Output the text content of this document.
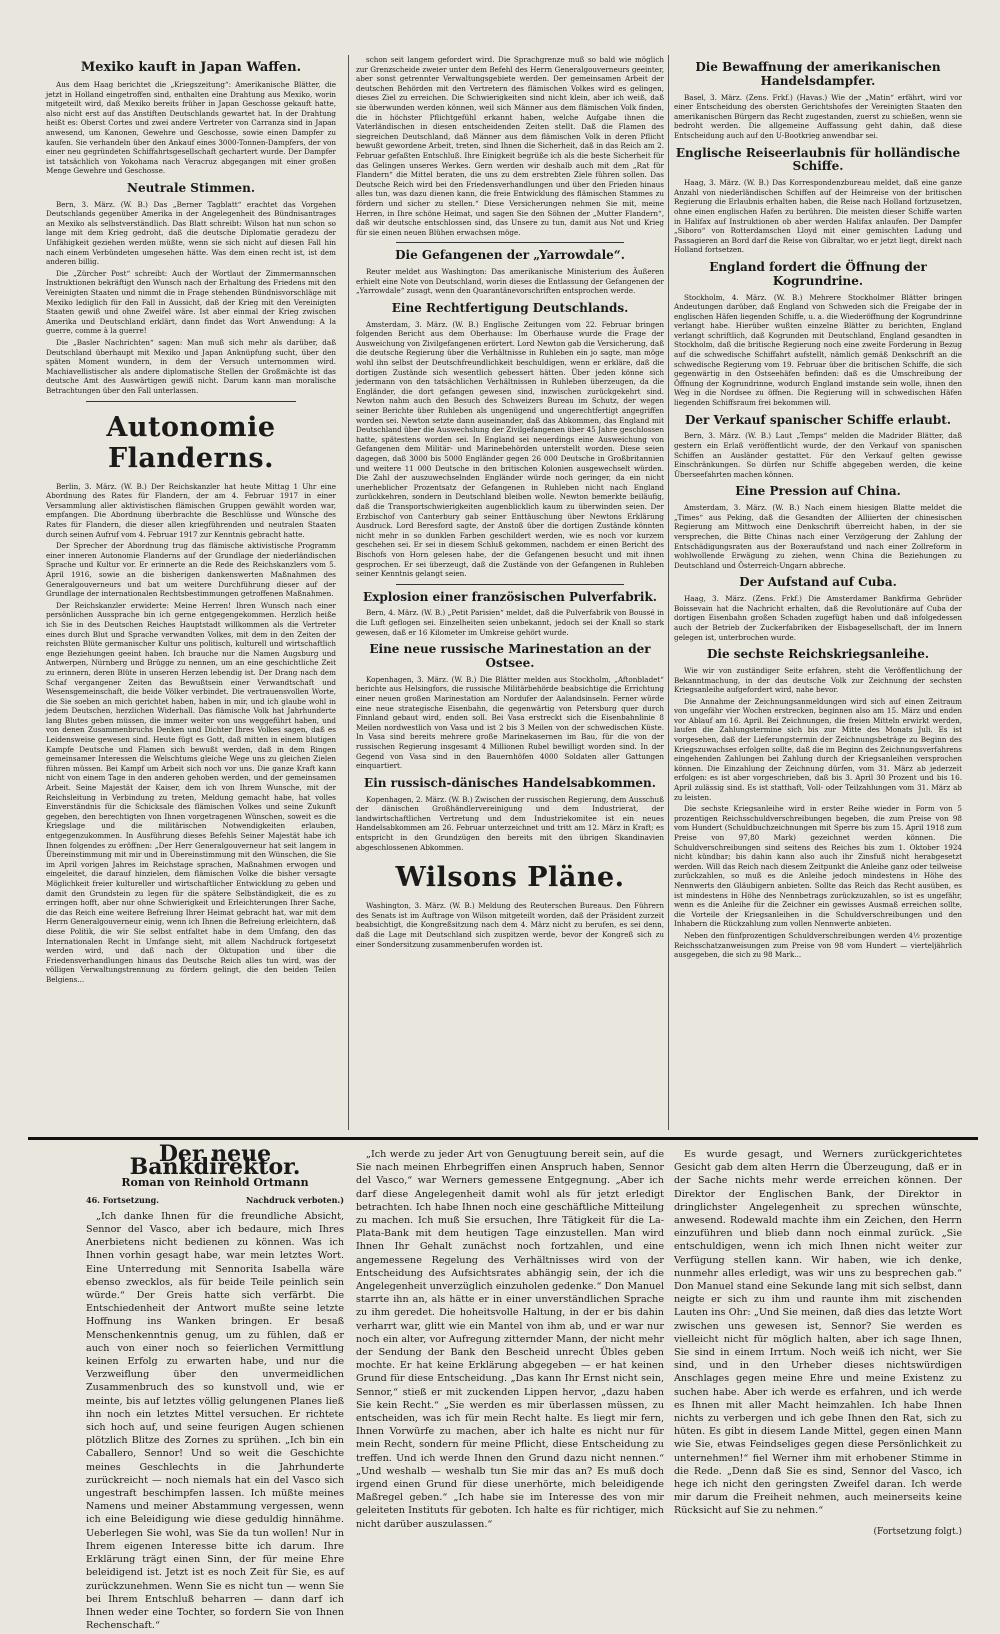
Mexiko kauft in Japan Waffen.
Aus dem Haag berichtet die „Kriegszeitung“: Amerikanische Blätter, die jetzt in Holland eingetroffen sind, enthalten eine Drahtung aus Mexiko, worin mitgeteilt wird, daß Mexiko bereits früher in Japan Geschosse gekauft hatte, also nicht erst auf das Anstiften Deutschlands gewartet hat. In der Drahtung heißt es: Oberst Cortes und zwei andere Vertreter von Carranza sind in Japan anwesend, um Kanonen, Gewehre und Geschosse, sowie einen Dampfer zu kaufen. Sie verhandeln über den Ankauf eines 3000-Tonnen-Dampfers, der von einer neu gegründeten Schiffahrtsgesellschaft gechartert wurde. Der Dampfer ist tatsächlich von Yokohama nach Veracruz abgegangen mit einer großen Menge Gewehre und Geschosse.
Neutrale Stimmen.
Bern, 3. März. (W. B.) Das „Berner Tagblatt“ erachtet das Vorgehen Deutschlands gegenüber Amerika in der Angelegenheit des Bündnisantrages an Mexiko als selbstverständlich. Das Blatt schreibt: Wilson hat nun schon so lange mit dem Krieg gedroht, daß die deutsche Diplomatie geradezu der Unfähigkeit geziehen werden müßte, wenn sie sich nicht auf diesen Fall hin nach einem Verbündeten umgesehen hätte. Was dem einen recht ist, ist dem anderen billig.
Die „Zürcher Post“ schreibt: Auch der Wortlaut der Zimmermannschen Instruktionen bekräftigt den Wunsch nach der Erhaltung des Friedens mit den Vereinigten Staaten und nimmt die in Frage stehenden Bündnisvorschläge mit Mexiko lediglich für den Fall in Aussicht, daß der Krieg mit den Vereinigten Staaten gewiß und ohne Zweifel wäre. Ist aber einmal der Krieg zwischen Amerika und Deutschland erklärt, dann findet das Wort Anwendung: A la guerre, comme à la guerre!
Die „Basler Nachrichten“ sagen: Man muß sich mehr als darüber, daß Deutschland überhaupt mit Mexiko und Japan Anknüpfung sucht, über den späten Moment wundern, in dem der Versuch unternommen wird. Machiavellistischer als andere diplomatische Stellen der Großmächte ist das deutsche Amt des Auswärtigen gewiß nicht. Darum kann man moralische Betrachtungen über den Fall unterlassen.
Autonomie Flanderns.
Berlin, 3. März. (W. B.) Der Reichskanzler hat heute Mittag 1 Uhr eine Abordnung des Rates für Flandern, der am 4. Februar 1917 in einer Versammlung aller aktivistischen flämischen Gruppen gewählt worden war, empfangen. Die Abordnung überbrachte die Beschlüsse und Wünsche des Rates für Flandern, die dieser allen kriegführenden und neutralen Staaten durch seinen Aufruf vom 4. Februar 1917 zur Kenntnis gebracht hatte.
Der Sprecher der Abordnung trug das flämische aktivistische Programm einer inneren Autonomie Flanderns auf der Grundlage der niederländischen Sprache und Kultur vor. Er erinnerte an die Rede des Reichskanzlers vom 5. April 1916, sowie an die bisherigen dankenswerten Maßnahmen des Generalgouverneurs und bat um weitere Durchführung dieser auf der Grundlage der internationalen Rechtsbestimmungen getroffenen Maßnahmen.
Der Reichskanzler erwiderte: Meine Herren! Ihren Wunsch nach einer persönlichen Aussprache bin ich gerne entgegengekommen. Herzlich heiße ich Sie in des Deutschen Reiches Hauptstadt willkommen als die Vertreter eines durch Blut und Sprache verwandten Volkes, mit dem in den Zeiten der reichsten Blüte germanischer Kultur uns politisch, kulturell und wirtschaftlich enge Beziehungen geeint haben. Ich brauche nur die Namen Augsburg und Antwerpen, Nürnberg und Brügge zu nennen, um an eine geschichtliche Zeit zu erinnern, deren Blüte in unseren Herzen lebendig ist. Der Drang nach dem Schaf vergangener Zeiten das Bewußtsein einer Verwandtschaft und Wesensgemeinschaft, die beide Völker verbindet. Die vertrauensvollen Worte, die Sie soeben an mich gerichtet haben, haben in mir, und ich glaube wohl in jedem Deutschen, herzlichen Widerhall. Das flämische Volk hat Jahrhunderte lang Blutes geben müssen, die immer weiter von uns weggeführt haben, und von denen Zusammenbruchs Denken und Dichter Ihres Volkes sagen, daß es Leidensweise gewesen sind. Heute fügt es Gott, daß mitten in einem blutigen Kampfe Deutsche und Flamen sich bewußt werden, daß in dem Ringen gemeinsamer Interessen die Welschtums gleiche Wege uns zu gleichen Zielen führen müssen. Bei Kampf um Arbeit sich noch vor uns. Die ganze Kraft kann nicht von einem Tage in den anderen gehoben werden, und der gemeinsamen Arbeit. Seine Majestät der Kaiser, dem ich von Ihrem Wunsche, mit der Reichsleitung in Verbindung zu treten, Meldung gemacht habe, hat volles Einverständnis für die Schicksale des flämischen Volkes und seine Zukunft gegeben, den berechtigten von Ihnen vorgetragenen Wünschen, soweit es die Kriegslage und die militärischen Notwendigkeiten erlauben, entgegenzukommen. In Ausführung dieses Befehls Seiner Majestät habe ich Ihnen folgendes zu eröffnen: „Der Herr Generalgouverneur hat seit langem in Übereinstimmung mit mir und in Übereinstimmung mit den Wünschen, die Sie im April vorigen Jahres im Reichstage sprachen, Maßnahmen erwogen und eingeleitet, die darauf hinzielen, dem flämischen Volke die bisher versagte Möglichkeit freier kultureller und wirtschaftlicher Entwicklung zu geben und damit den Grundstein zu legen für die spätere Selbständigkeit, die es zu erringen hofft, aber nur ohne Schwierigkeit und Erleichterungen Ihrer Sache, die das Reich eine weitere Befreiung Ihrer Heimat gebracht hat, war mit dem Herrn Generalgouverneur einig, wenn ich Ihnen die Befreiung erleichtern, daß diese Politik, die wir Sie selbst entfaltet habe in dem Umfang, den das Internationalen Recht in Umfange sieht, mit allem Nachdruck fortgesetzt werden wird, und daß nach der Oktupation und über die Friedensverhandlungen hinaus das Deutsche Reich alles tun wird, was der völligen Verwaltungstrennung zu fördern gelingt, die den beiden Teilen Belgiens...
schon seit langem gefordert wird. Die Sprachgrenze muß so bald wie möglich zur Grenzscheide zweier unter dem Befehl des Herrn Generalgouverneurs geeinter, aber sonst getrennter Verwaltungsgebiete werden. Der gemeinsamen Arbeit der deutschen Behörden mit den Vertretern des flämischen Volkes wird es gelingen, dieses Ziel zu erreichen. Die Schwierigkeiten sind nicht klein, aber ich weiß, daß sie überwunden werden können, weil sich Männer aus dem flämischen Volk finden, die in höchster Pflichtgefühl erkannt haben, welche Aufgabe ihnen die Vaterländischen in diesen entscheidenden Zeiten stellt. Daß die Flamen des siegreichen Deutschland, daß Männer aus dem flämischen Volk in deren Pflicht bewußt gewordene Arbeit, treten, sind Ihnen die Sicherheit, daß in das Reich am 2. Februar gefaßten Entschluß. Ihre Einigkeit begrüße ich als die beste Sicherheit für das Gelingen unseres Werkes. Gern werden wir deshalb auch mit dem „Rat für Flandern“ die Mittel beraten, die uns zu dem erstrebten Ziele führen sollen. Das Deutsche Reich wird bei den Friedensverhandlungen und über den Frieden hinaus alles tun, was dazu dienen kann, die freie Entwicklung des flämischen Stammes zu fördern und sicher zu stellen.“ Diese Versicherungen nehmen Sie mit, meine Herren, in Ihre schöne Heimat, und sagen Sie den Söhnen der „Mutter Flandern“, daß wir deutsche entschlossen sind, das Unsere zu tun, damit aus Not und Krieg für sie einen neuen Blühen erwachsen möge.
Die Gefangenen der „Yarrowdale“.
Reuter meldet aus Washington: Das amerikanische Ministerium des Äußeren erhielt eine Note von Deutschland, worin dieses die Entlassung der Gefangenen der „Yarrowdale“ zusagt, wenn den Quarantänevorschriften entsprochen werde.
Eine Rechtfertigung Deutschlands.
Amsterdam, 3. März. (W. B.) Englische Zeitungen vom 22. Februar bringen folgenden Bericht aus dem Oberhause: Im Oberhause wurde die Frage der Ausweichung von Zivilgefangenen erörtert. Lord Newton gab die Versicherung, daß die deutsche Regierung über die Verhältnisse in Ruhleben ein jo sagte, man möge wohl ihn selbst der Deutschfreundlichkeit beschuldigen, wenn er erkläre, daß die dortigen Zustände sich wesentlich gebessert hätten. Über jeden könne sich jedermann von den tatsächlichen Verhältnissen in Ruhleben überzeugen, da die Engländer, die dort gefangen gewesen sind, inzwischen zurückgekehrt sind. Newton nahm auch den Besuch des Schweizers Bureau im Schutz, der wegen seiner Berichte über Ruhleben als ungenügend und ungerechtfertigt angegriffen worden sei. Newton setzte dann auseinander, daß das Abkommen, das England mit Deutschland über die Auswechslung der Zivilgefangenen über 45 Jahre geschlossen hatte, spätestens worden sei. In England sei neuerdings eine Ausweichung von Gefangenen dem Militär- und Marinebehörden unterstellt worden. Diese seien dagegen, daß 3000 bis 5000 Engländer gegen 26 000 Deutsche in Großbritannien und weitere 11 000 Deutsche in den britischen Kolonien ausgewechselt würden. Die Zahl der auszuwechselnden Engländer würde noch geringer, da ein nicht unerheblicher Prozentsatz der Gefangenen in Ruhleben nicht nach England zurückkehren, sondern in Deutschland bleiben wolle. Newton bemerkte beiläufig, daß die Transportschwierigkeiten augenblicklich kaum zu überwinden seien. Der Erzbischof von Canterbury gab seiner Enttäuschung über Newtons Erklärung Ausdruck. Lord Beresford sagte, der Anstoß über die dortigen Zustände könnten nicht mehr in so dunklen Farben geschildert werden, wie es noch vor kurzem geschehen sei. Er sei in diesem Schluß gekommen, nachdem er einen Bericht des Bischofs von Horn gelesen habe, der die Gefangenen besucht und mit ihnen gesprochen. Er sei überzeugt, daß die Zustände von der Gefangenen in Ruhleben seiner Kenntnis gelangt seien.
Explosion einer französischen Pulverfabrik.
Bern, 4. März. (W. B.) „Petit Parisien“ meldet, daß die Pulverfabrik von Boussé in die Luft geflogen sei. Einzelheiten seien unbekannt, jedoch sei der Knall so stark gewesen, daß er 16 Kilometer im Umkreise gehört wurde.
Eine neue russische Marinestation an der Ostsee.
Kopenhagen, 3. März. (W. B.) Die Blätter melden aus Stockholm, „Aftonbladet“ berichte aus Helsingfors, die russische Militärbehörde beabsichtige die Errichtung einer neuen großen Marinestation am Nordufer der Aalandsinseln. Ferner würde eine neue strategische Eisenbahn, die gegenwärtig von Petersburg quer durch Finnland gebaut wird, enden soll. Bei Vasa erstreckt sich die Eisenbahnlinie 8 Meilen nordwestlich von Vasa und ist 2 bis 3 Meilen von der schwedischen Küste. In Vasa sind bereits mehrere große Marinekasernen im Bau, für die von der russischen Regierung insgesamt 4 Millionen Rubel bewilligt worden sind. In der Gegend von Vasa sind in den Bauernhöfen 4000 Soldaten aller Gattungen einquartiert.
Ein russisch-dänisches Handelsabkommen.
Kopenhagen, 2. März. (W. B.) Zwischen der russischen Regierung, dem Ausschuß der dänischen Großhändlervereinigung und dem Industrierat, der landwirtschaftlichen Vertretung und dem Industriekomitee ist ein neues Handelsabkommen am 26. Februar unterzeichnet und tritt am 12. März in Kraft; es entspricht in den Grundzügen den bereits mit den übrigen Skandinavien abgeschlossenen Abkommen.
Wilsons Pläne.
Washington, 3. März. (W. B.) Meldung des Reuterschen Bureaus. Den Führern des Senats ist im Auftrage von Wilson mitgeteilt worden, daß der Präsident zurzeit beabsichtigt, die Kongreßsitzung nach dem 4. März nicht zu berufen, es sei denn, daß die Lage mit Deutschland sich zuspitzen werde, bevor der Kongreß sich zu einer Sondersitzung zusammenberufen worden ist.
Die Bewaffnung der amerikanischen Handelsdampfer.
Basel, 3. März. (Zens. Frkf.) (Havas.) Wie der „Matin“ erfährt, wird vor einer Entscheidung des obersten Gerichtshofes der Vereinigten Staaten den amerikanischen Bürgern das Recht zugestanden, zuerst zu schießen, wenn sie bedroht werden. Die allgemeine Auffassung geht dahin, daß diese Entscheidung auch auf den U-Bootkrieg anwendbar sei.
Englische Reiseerlaubnis für holländische Schiffe.
Haag, 3. März. (W. B.) Das Korrespondenzbureau meldet, daß eine ganze Anzahl von niederländischen Schiffen auf der Heimreise von der britischen Regierung die Erlaubnis erhalten haben, die Reise nach Holland fortzusetzen, ohne einen englischen Hafen zu berühren. Die meisten dieser Schiffe warten in Halifax auf Instruktionen ob aber werden Halifax anlaufen. Der Dampfer „Siboro“ von Rotterdamschen Lloyd mit einer gemischten Ladung und Passagieren an Bord darf die Reise von Gibraltar, wo er jetzt liegt, direkt nach Holland fortsetzen.
England fordert die Öffnung der Kogrundrine.
Stockholm, 4. März. (W. B.) Mehrere Stockholmer Blätter bringen Andeutungen darüber, daß England von Schweden sich die Freigabe der in englischen Häfen liegenden Schiffe, u. a. die Wiederöffnung der Kogrundrinne verlangt habe. Hierüber wußten einzelne Blätter zu berichten, England verlangt schriftlich, daß Kogrunden mit Deutschland, England gesandten in Stockholm, daß die britische Regierung noch eine zweite Forderung in Bezug auf die schwedische Schiffahrt aufstellt, nämlich gemäß Denkschrift an die schwedische Regierung vom 19. Februar über die britischen Schiffe, die sich gegenwärtig in den Ostseehäfen befinden: daß es die Umschreibung der Öffnung der Kogrundrinne, wodurch England imstande sein wolle, ihnen den Weg in die Nordsee zu öffnen. Die Regierung will in schwedischen Häfen liegenden Schiffsraum frei bekommen will.
Der Verkauf spanischer Schiffe erlaubt.
Bern, 3. März. (W. B.) Laut „Temps“ melden die Madrider Blätter, daß gestern ein Erlaß veröffentlicht wurde, der den Verkauf von spanischen Schiffen an Ausländer gestattet. Für den Verkauf gelten gewisse Einschränkungen. So dürfen nur Schiffe abgegeben werden, die keine Überseefahrten machen können.
Eine Pression auf China.
Amsterdam, 3. März. (W. B.) Nach einem hiesigen Blatte meldet die „Times“ aus Peking, daß die Gesandten der Alliierten der chinesischen Regierung am Mittwoch eine Denkschrift überreicht haben, in der sie versprechen, die Bitte Chinas nach einer Verzögerung der Zahlung der Entschädigungsraten aus der Boxeraufstand und nach einer Zollreform in wohlwollende Erwägung zu ziehen, wenn China die Beziehungen zu Deutschland und Österreich-Ungarn abbreche.
Der Aufstand auf Cuba.
Haag, 3. März. (Zens. Frkf.) Die Amsterdamer Bankfirma Gebrüder Boissevain hat die Nachricht erhalten, daß die Revolutionäre auf Cuba der dortigen Eisenbahn großen Schaden zugefügt haben und daß infolgedessen auch der Betrieb der Zuckerfabriken der Eisbagesellschaft, der im Innern gelegen ist, unterbrochen wurde.
Die sechste Reichskriegsanleihe.
Wie wir von zuständiger Seite erfahren, steht die Veröffentlichung der Bekanntmachung, in der das deutsche Volk zur Zeichnung der sechsten Kriegsanleihe aufgefordert wird, nahe bevor.
Die Annahme der Zeichnungsanmeldungen wird sich auf einen Zeitraum von ungefähr vier Wochen erstrecken, beginnen also am 15. März und enden vor Ablauf am 16. April. Bei Zeichnungen, die freien Mitteln erwirkt werden, laufen die Zahlungstermine sich bis zur Mitte des Monats Juli. Es ist vorgesehen, daß der Lieferungstermin der Zeichnungsbeträge zu Beginn des Kriegszuwachses erfolgen sollte, daß die im Beginn des Zeichnungsverfahrens eingehenden Zahlungen bei Zahlung durch der Kriegsanleihen versprochen können. Die Einzahlung der Zeichnung dürfen, vom 31. März ab jederzeit erfolgen: es ist aber vorgeschrieben, daß bis 3. April 30 Prozent und bis 16. April zulässig sind. Es ist statthaft, Voll- oder Teilzahlungen vom 31. März ab zu leisten.
Die sechste Kriegsanleihe wird in erster Reihe wieder in Form von 5 prozentigen Reichsschuldverschreibungen begeben, die zum Preise von 98 vom Hundert (Schuldbuchzeichnungen mit Sperre bis zum 15. April 1918 zum Preise von 97,80 Mark) gezeichnet werden können. Die Schuldverschreibungen sind seitens des Reiches bis zum 1. Oktober 1924 nicht kündbar; bis dahin kann also auch ihr Zinsfuß nicht herabgesetzt werden. Will das Reich nach diesem Zeitpunkt die Anleihe ganz oder teilweise zurückzahlen, so muß es die Anleihe jedoch mindestens in Höhe des Nennwerts den Gläubigern anbieten. Sollte das Reich das Recht ausüben, es ist mindestens in Höhe des Nennbetrags zurückzuzahlen, so ist es ungefähr, wenn es die Anleihe für die Zeichner ein gewisses Ausmaß erreichen sollte, die Vorteile der Kriegsanleihen in die Schuldverschreibungen und den Inhabern die Rückzahlung zum vollen Nennwerte anbieten.
Neben den fünfprozentigen Schuldverschreibungen werden 4½ prozentige Reichsschatzanweisungen zum Preise von 98 vom Hundert — vierteljährlich ausgegeben, die sich zu 98 Mark...
Der neue Bankdirektor.
Roman von Reinhold Ortmann
46. Fortsetzung.	Nachdruck verboten.)
„Ich danke Ihnen für die freundliche Absicht, Sennor del Vasco, aber ich bedaure, mich Ihres Anerbietens nicht bedienen zu können. Was ich Ihnen vorhin gesagt habe, war mein letztes Wort. Eine Unterredung mit Sennorita Isabella wäre ebenso zwecklos, als für beide Teile peinlich sein würde.“ Der Greis hatte sich verfärbt. Die Entschiedenheit der Antwort mußte seine letzte Hoffnung ins Wanken bringen. Er besaß Menschenkenntnis genug, um zu fühlen, daß er auch von einer noch so feierlichen Vermittlung keinen Erfolg zu erwarten habe, und nur die Verzweiflung über den unvermeidlichen Zusammenbruch des so kunstvoll und, wie er meinte, bis auf letztes völlig gelungenen Planes ließ ihn noch ein letztes Mittel versuchen. Er richtete sich hoch auf, und seine feurigen Augen schienen plötzlich Blitze des Zornes zu sprühen. „Ich bin ein Caballero, Sennor! Und so weit die Geschichte meines Geschlechts in die Jahrhunderte zurückreicht — noch niemals hat ein del Vasco sich ungestraft beschimpfen lassen. Ich müßte meines Namens und meiner Abstammung vergessen, wenn ich eine Beleidigung wie diese geduldig hinnähme. Ueberlegen Sie wohl, was Sie da tun wollen! Nur in Ihrem eigenen Interesse bitte ich darum. Ihre Erklärung trägt einen Sinn, der für meine Ehre beleidigend ist. Jetzt ist es noch Zeit für Sie, es auf zurückzunehmen. Wenn Sie es nicht tun — wenn Sie bei Ihrem Entschluß beharren — dann darf ich Ihnen weder eine Tochter, so fordern Sie von Ihnen Rechenschaft.“
„Ich werde zu jeder Art von Genugtuung bereit sein, auf die Sie nach meinen Ehrbegriffen einen Anspruch haben, Sennor del Vasco,“ war Werners gemessene Entgegnung. „Aber ich darf diese Angelegenheit damit wohl als für jetzt erledigt betrachten. Ich habe Ihnen noch eine geschäftliche Mitteilung zu machen. Ich muß Sie ersuchen, Ihre Tätigkeit für die La-Plata-Bank mit dem heutigen Tage einzustellen. Man wird Ihnen Ihr Gehalt zunächst noch fortzahlen, und eine angemessene Regelung des Verhältnisses wird von der Entscheidung des Aufsichtsrates abhängig sein, der ich die Angelegenheit unverzüglich einzuholen gedenke.“ Don Manuel starrte ihn an, als hätte er in einer unverständlichen Sprache zu ihm geredet. Die hoheitsvolle Haltung, in der er bis dahin verharrt war, glitt wie ein Mantel von ihm ab, und er war nur noch ein alter, vor Aufregung zitternder Mann, der nicht mehr der Sendung der Bank den Bescheid unrecht Übles geben mochte. Er hat keine Erklärung abgegeben — er hat keinen Grund für diese Entscheidung. „Das kann Ihr Ernst nicht sein, Sennor,“ stieß er mit zuckenden Lippen hervor, „dazu haben Sie kein Recht.“ „Sie werden es mir überlassen müssen, zu entscheiden, was ich für mein Recht halte. Es liegt mir fern, Ihnen Vorwürfe zu machen, aber ich halte es nicht nur für mein Recht, sondern für meine Pflicht, diese Entscheidung zu treffen. Und ich werde Ihnen den Grund dazu nicht nennen.“ „Und weshalb — weshalb tun Sie mir das an? Es muß doch irgend einen Grund für diese unerhörte, mich beleidigende Maßregel geben.“ „Ich habe sie im Interesse des von mir geleiteten Instituts für geboten. Ich halte es für richtiger, mich nicht darüber auszulassen.“
Es wurde gesagt, und Werners zurückgerichtetes Gesicht gab dem alten Herrn die Überzeugung, daß er in der Sache nichts mehr werde erreichen können. Der Direktor der Englischen Bank, der Direktor in dringlichster Angelegenheit zu sprechen wünschte, anwesend. Rodewald machte ihm ein Zeichen, den Herrn einzuführen und blieb dann noch einmal zurück. „Sie entschuldigen, wenn ich mich Ihnen nicht weiter zur Verfügung stellen kann. Wir haben, wie ich denke, nunmehr alles erledigt, was wir uns zu besprechen gab.“ Don Manuel stand eine Sekunde lang mit sich selbst, dann neigte er sich zu ihm und raunte ihm mit zischenden Lauten ins Ohr: „Und Sie meinen, daß dies das letzte Wort zwischen uns gewesen ist, Sennor? Sie werden es vielleicht nicht für möglich halten, aber ich sage Ihnen, Sie sind in einem Irrtum. Noch weiß ich nicht, wer Sie sind, und in den Urheber dieses nichtswürdigen Anschlages gegen meine Ehre und meine Existenz zu suchen habe. Aber ich werde es erfahren, und ich werde es Ihnen mit aller Macht heimzahlen. Ich habe Ihnen nichts zu verbergen und ich gebe Ihnen den Rat, sich zu hüten. Es gibt in diesem Lande Mittel, gegen einen Mann wie Sie, etwas Feindseliges gegen diese Persönlichkeit zu unternehmen!“ fiel Werner ihm mit erhobener Stimme in die Rede. „Denn daß Sie es sind, Sennor del Vasco, ich hege ich nicht den geringsten Zweifel daran. Ich werde mir darum die Freiheit nehmen, auch meinerseits keine Rücksicht auf Sie zu nehmen.“
(Fortsetzung folgt.)
